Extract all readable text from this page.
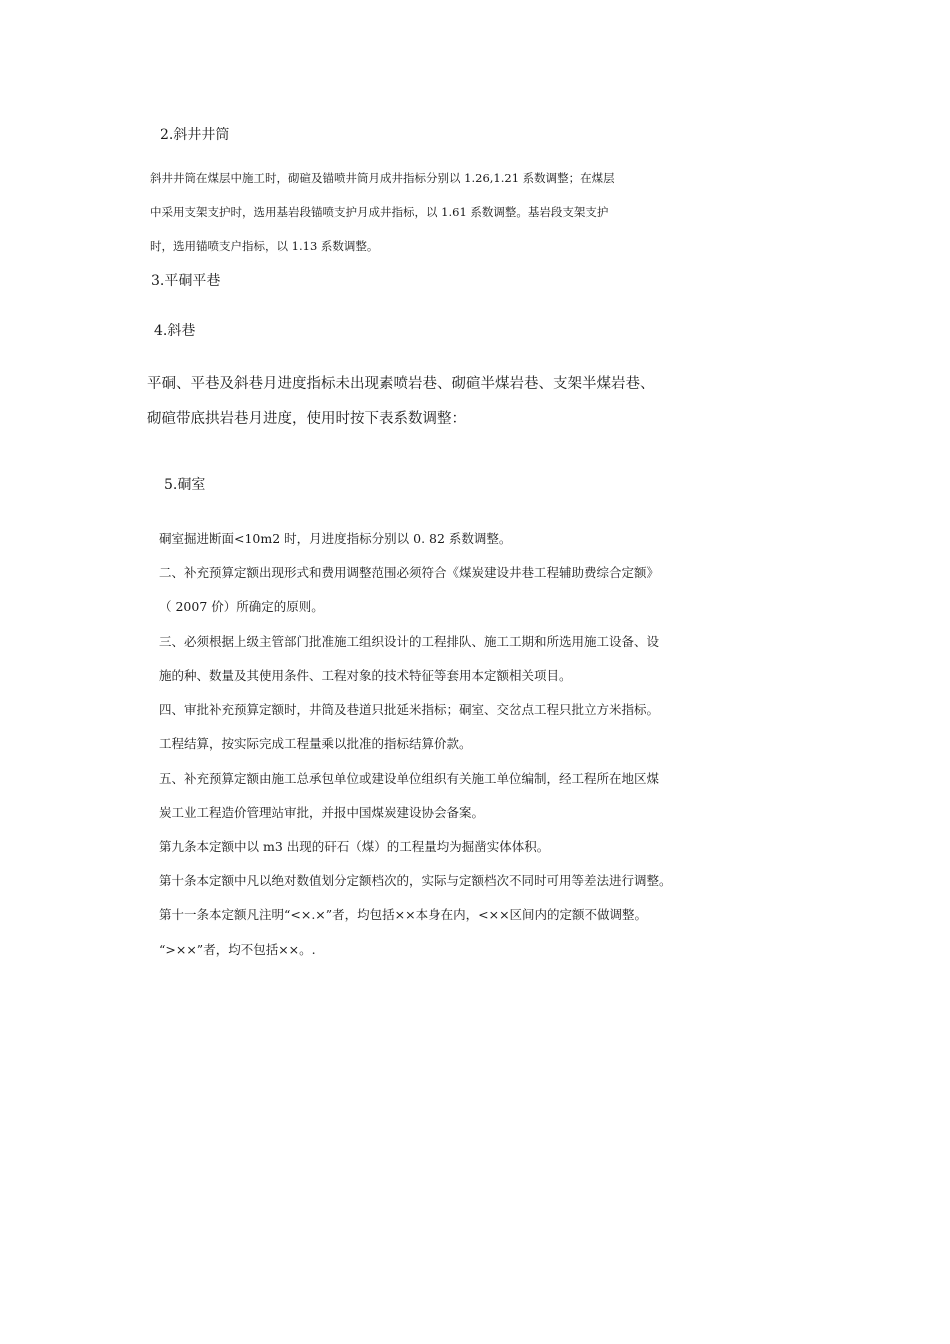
2.斜井井筒
斜井井筒在煤层中施工时，砌碹及锚喷井筒月成井指标分别以 1.26,1.21 系数调整；在煤层
中采用支架支护时，选用基岩段锚喷支护月成井指标，以 1.61 系数调整。基岩段支架支护
时，选用锚喷支户指标，以 1.13 系数调整。
3.平硐平巷
4.斜巷
平硐、平巷及斜巷月进度指标未出现素喷岩巷、砌碹半煤岩巷、支架半煤岩巷、
砌碹带底拱岩巷月进度，使用时按下表系数调整：
5.硐室
硐室掘进断面<10m2 时，月进度指标分别以 0. 82 系数调整。
二、补充预算定额出现形式和费用调整范围必须符合《煤炭建设井巷工程辅助费综合定额》
（ 2007 价）所确定的原则。
三、必须根据上级主管部门批准施工组织设计的工程排队、施工工期和所选用施工设备、设
施的种、数量及其使用条件、工程对象的技术特征等套用本定额相关项目。
四、审批补充预算定额时，井筒及巷道只批延米指标；硐室、交岔点工程只批立方米指标。
工程结算，按实际完成工程量乘以批准的指标结算价款。
五、补充预算定额由施工总承包单位或建设单位组织有关施工单位编制，经工程所在地区煤
炭工业工程造价管理站审批，并报中国煤炭建设协会备案。
第九条本定额中以 m3 出现的矸石（煤）的工程量均为掘凿实体体积。
第十条本定额中凡以绝对数值划分定额档次的，实际与定额档次不同时可用等差法进行调整。
第十一条本定额凡注明“<×.×”者，均包括××本身在内，<××区间内的定额不做调整。
“>××”者，均不包括××。.
